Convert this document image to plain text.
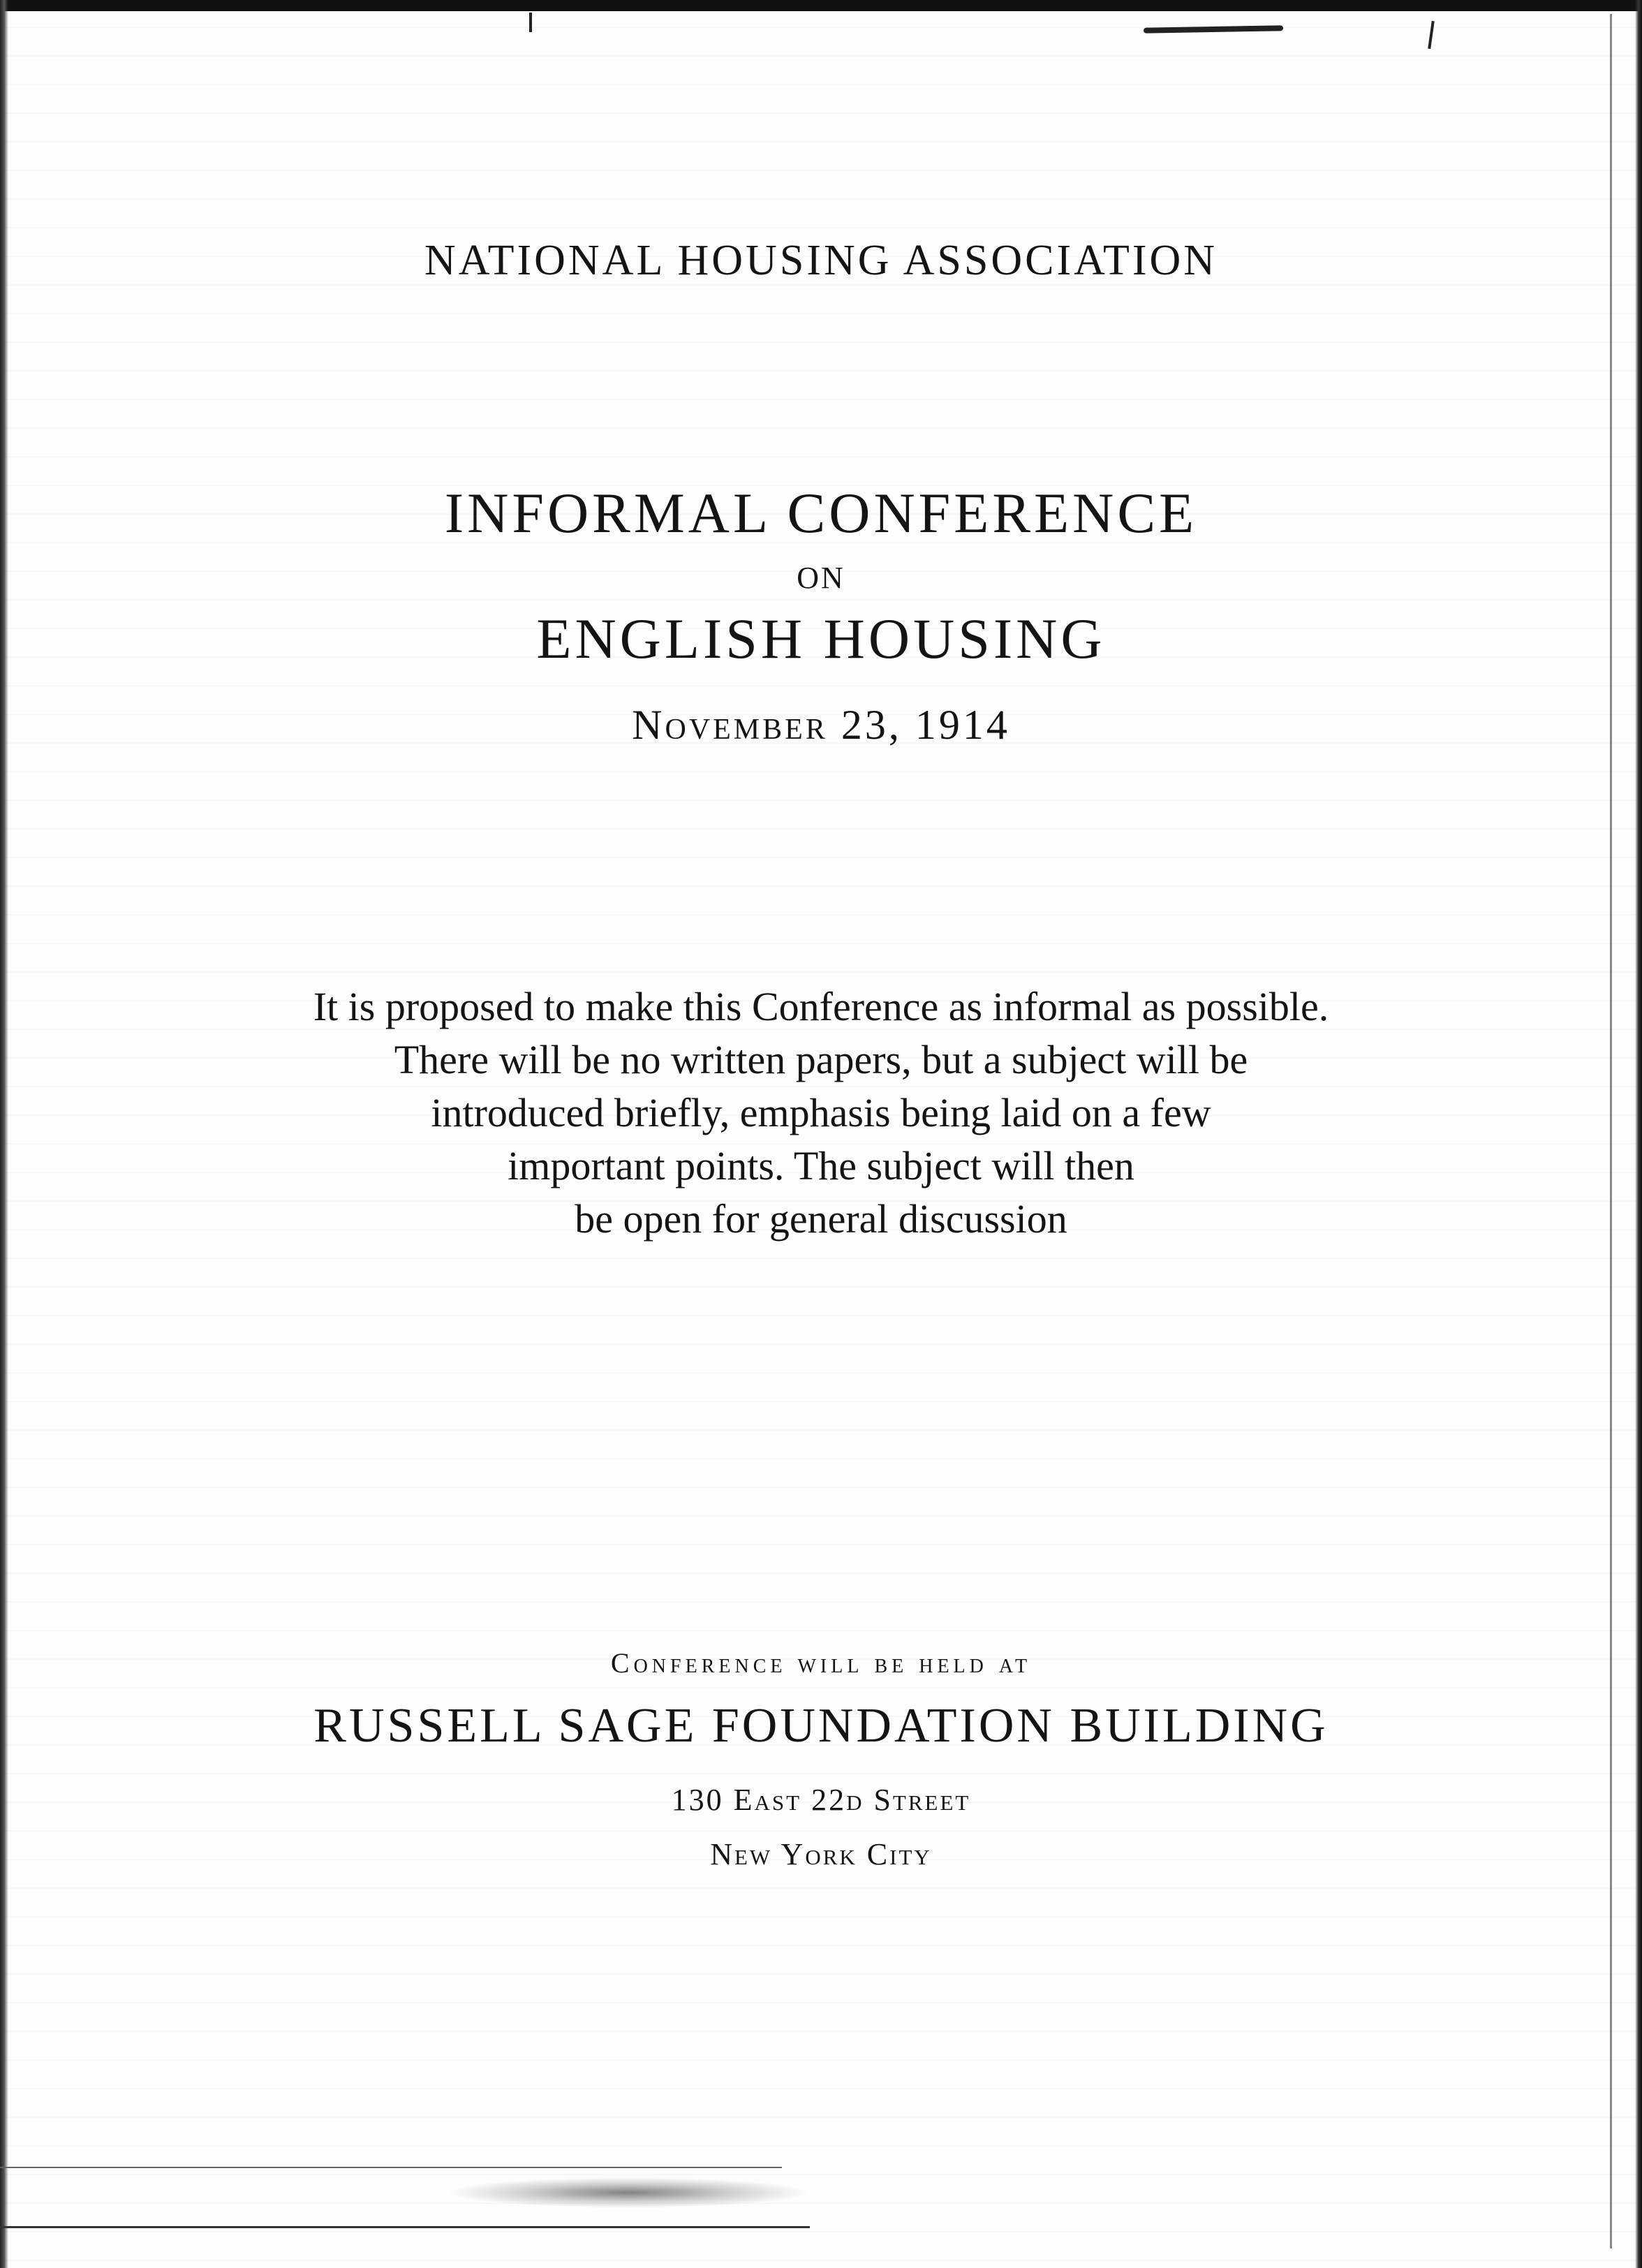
NATIONAL HOUSING ASSOCIATION
INFORMAL CONFERENCE
ON
ENGLISH HOUSING
November 23, 1914
It is proposed to make this Conference as informal as possible.
There will be no written papers, but a subject will be
introduced briefly, emphasis being laid on a few
important points. The subject will then
be open for general discussion
Conference will be held at
RUSSELL SAGE FOUNDATION BUILDING
130 East 22d Street
New York City
